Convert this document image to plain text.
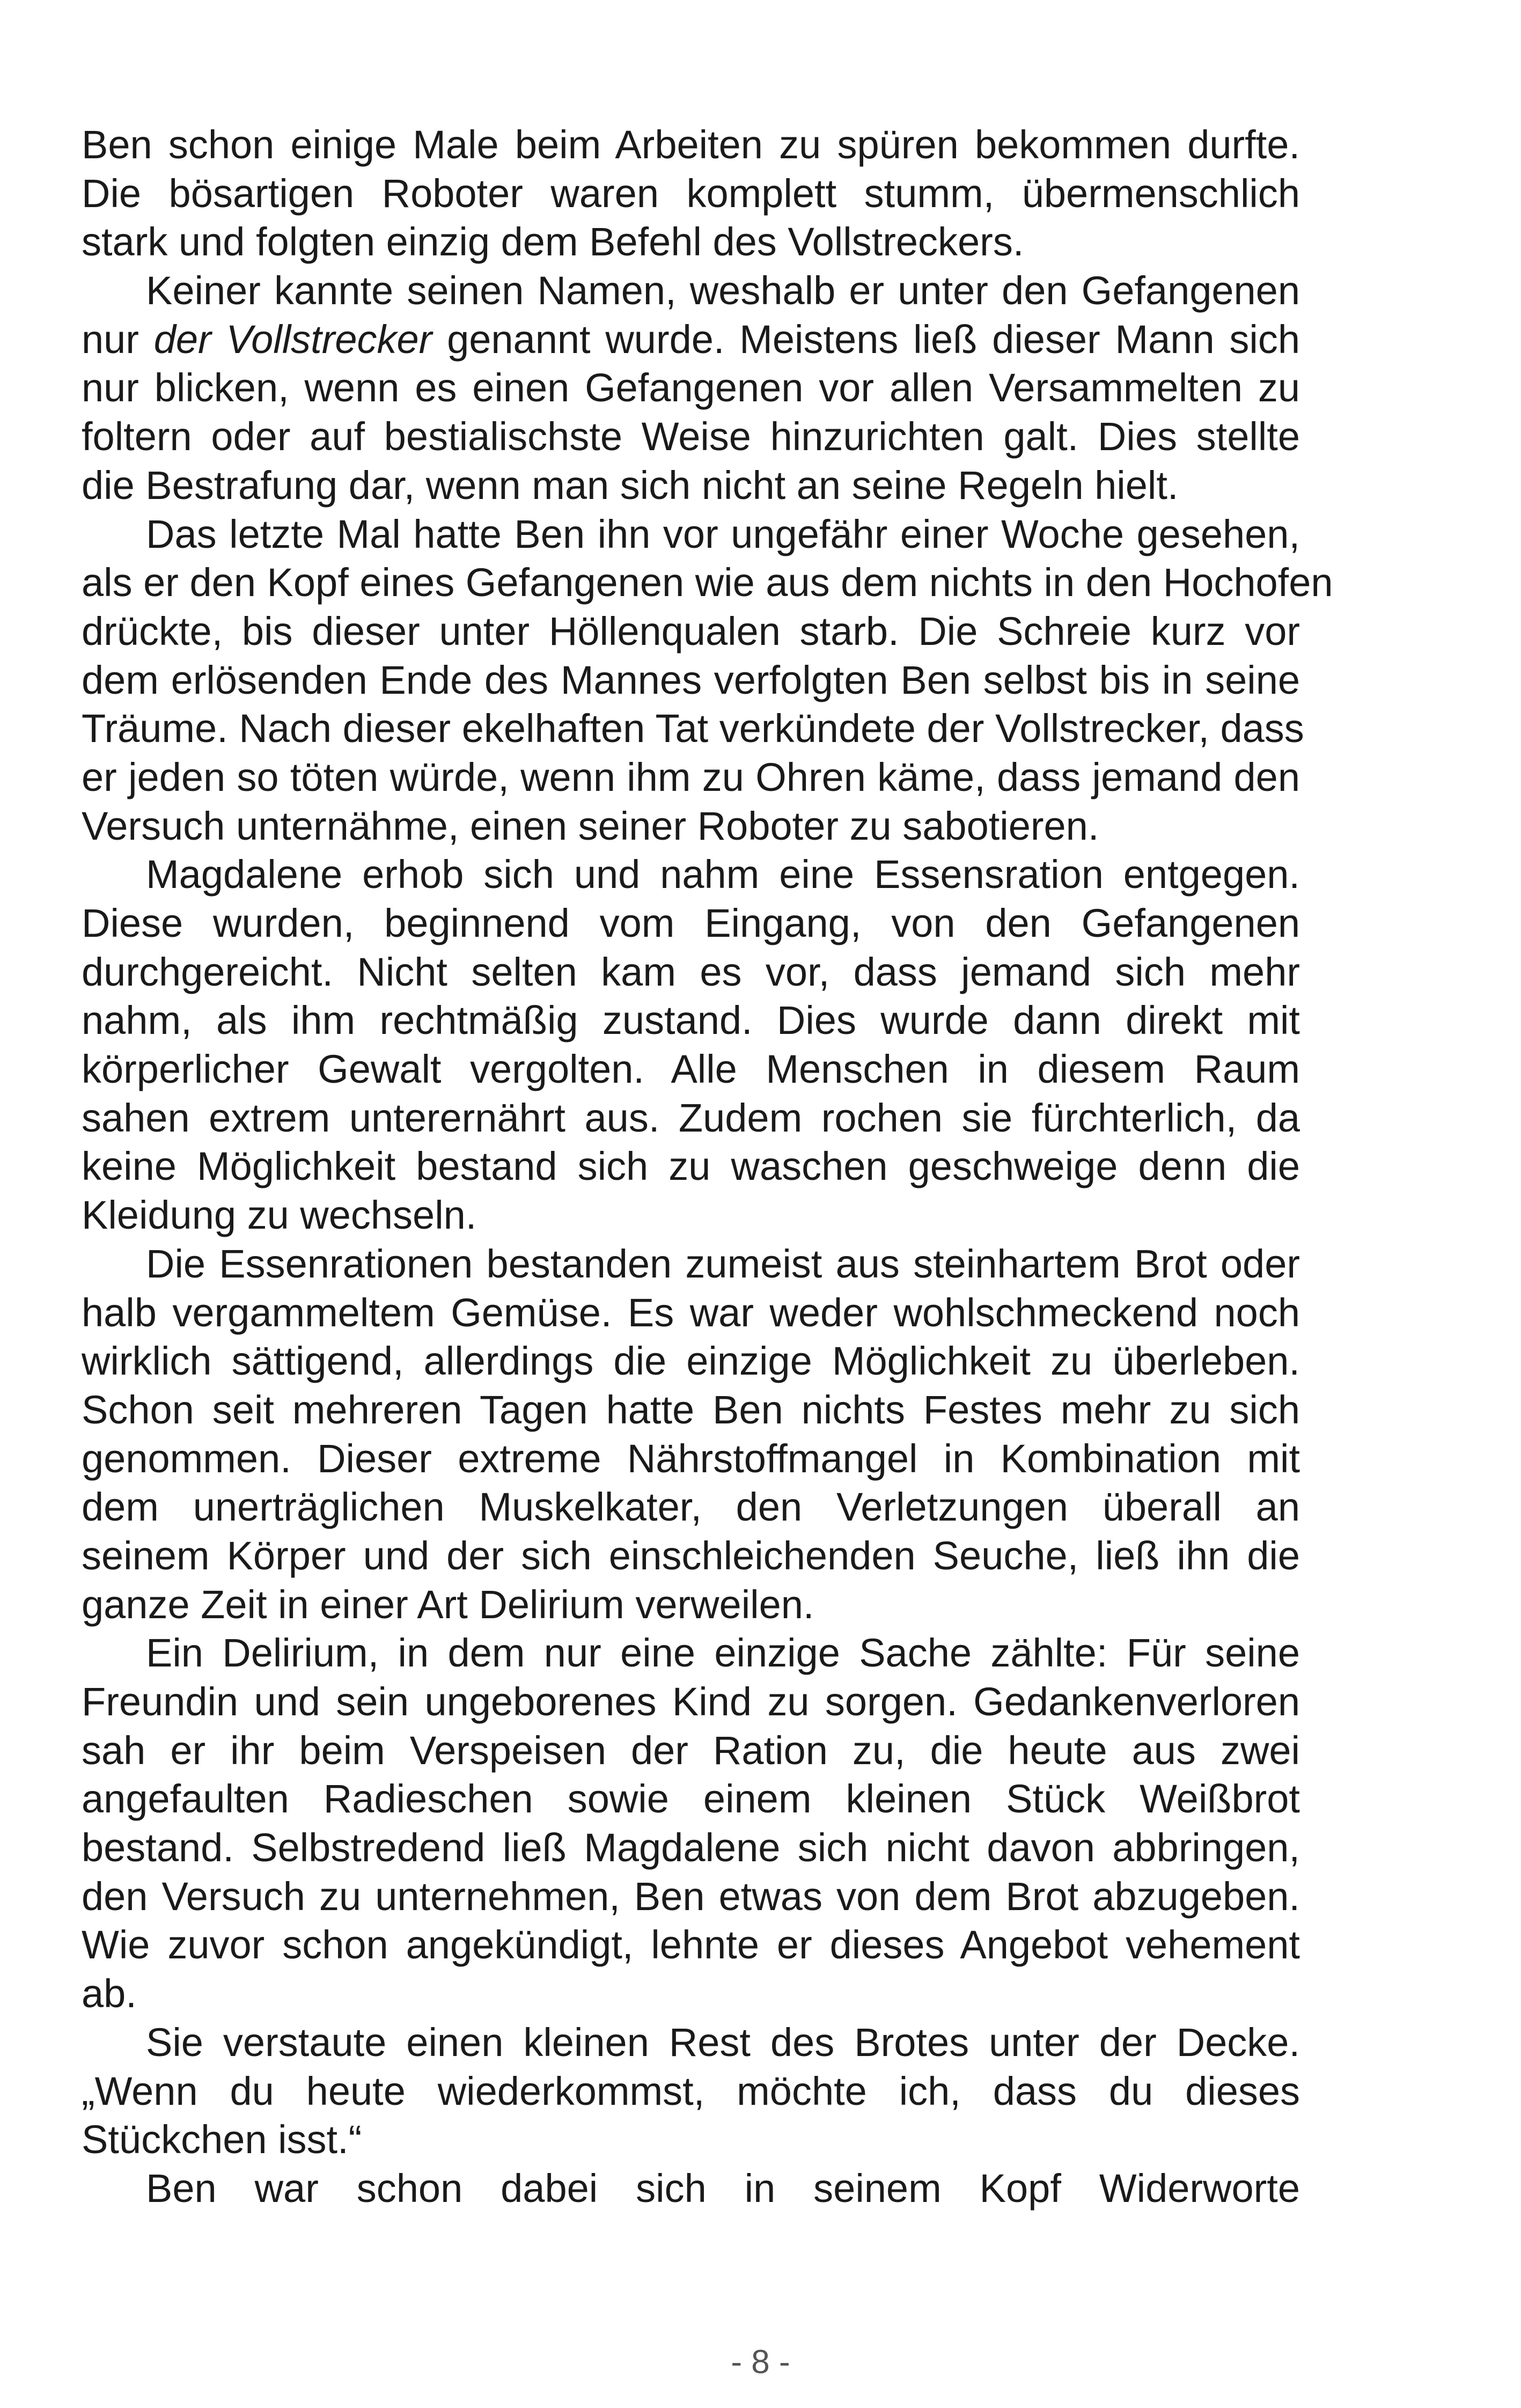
Ben schon einige Male beim Arbeiten zu spüren bekommen durfte.
Die bösartigen Roboter waren komplett stumm, übermenschlich
stark und folgten einzig dem Befehl des Vollstreckers.
Keiner kannte seinen Namen, weshalb er unter den Gefangenen
nur der Vollstrecker genannt wurde. Meistens ließ dieser Mann sich
nur blicken, wenn es einen Gefangenen vor allen Versammelten zu
foltern oder auf bestialischste Weise hinzurichten galt. Dies stellte
die Bestrafung dar, wenn man sich nicht an seine Regeln hielt.
Das letzte Mal hatte Ben ihn vor ungefähr einer Woche gesehen,
als er den Kopf eines Gefangenen wie aus dem nichts in den Hochofen
drückte, bis dieser unter Höllenqualen starb. Die Schreie kurz vor
dem erlösenden Ende des Mannes verfolgten Ben selbst bis in seine
Träume. Nach dieser ekelhaften Tat verkündete der Vollstrecker, dass
er jeden so töten würde, wenn ihm zu Ohren käme, dass jemand den
Versuch unternähme, einen seiner Roboter zu sabotieren.
Magdalene erhob sich und nahm eine Essensration entgegen.
Diese wurden, beginnend vom Eingang, von den Gefangenen
durchgereicht. Nicht selten kam es vor, dass jemand sich mehr
nahm, als ihm rechtmäßig zustand. Dies wurde dann direkt mit
körperlicher Gewalt vergolten. Alle Menschen in diesem Raum
sahen extrem unterernährt aus. Zudem rochen sie fürchterlich, da
keine Möglichkeit bestand sich zu waschen geschweige denn die
Kleidung zu wechseln.
Die Essenrationen bestanden zumeist aus steinhartem Brot oder
halb vergammeltem Gemüse. Es war weder wohlschmeckend noch
wirklich sättigend, allerdings die einzige Möglichkeit zu überleben.
Schon seit mehreren Tagen hatte Ben nichts Festes mehr zu sich
genommen. Dieser extreme Nährstoffmangel in Kombination mit
dem unerträglichen Muskelkater, den Verletzungen überall an
seinem Körper und der sich einschleichenden Seuche, ließ ihn die
ganze Zeit in einer Art Delirium verweilen.
Ein Delirium, in dem nur eine einzige Sache zählte: Für seine
Freundin und sein ungeborenes Kind zu sorgen. Gedankenverloren
sah er ihr beim Verspeisen der Ration zu, die heute aus zwei
angefaulten Radieschen sowie einem kleinen Stück Weißbrot
bestand. Selbstredend ließ Magdalene sich nicht davon abbringen,
den Versuch zu unternehmen, Ben etwas von dem Brot abzugeben.
Wie zuvor schon angekündigt, lehnte er dieses Angebot vehement
ab.
Sie verstaute einen kleinen Rest des Brotes unter der Decke.
„Wenn du heute wiederkommst, möchte ich, dass du dieses
Stückchen isst.“
Ben war schon dabei sich in seinem Kopf Widerworte
- 8 -
